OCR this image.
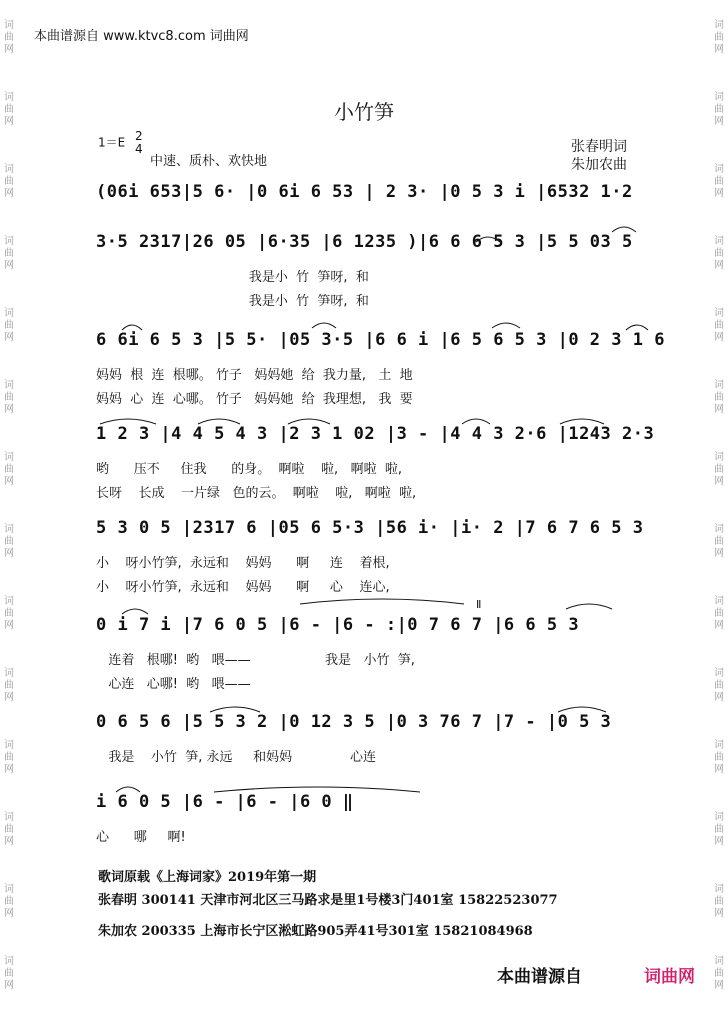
词
曲
网
词
曲
网
词
曲
网
词
曲
网
词
曲
网
词
曲
网
词
曲
网
词
曲
网
词
曲
网
词
曲
网
词
曲
网
词
曲
网
词
曲
网
词
曲
网
词
曲
网
词
曲
网
词
曲
网
词
曲
网
词
曲
网
词
曲
网
词
曲
网
词
曲
网
词
曲
网
词
曲
网
词
曲
网
词
曲
网
词
曲
网
词
曲
网
本曲谱源自 www.ktvc8.com 词曲网
小竹笋
1＝E 2
4
中速、质朴、欢快地
张春明词
朱加农曲
(06i 653|5 6· |0 6i 6 53 | 2 3· |0 5 3 i |6532 1·2
3·5 2317|26 05 |6·35 |6 1235 )|6 6 6 5 3 |5 5 03 5
我是小  竹  笋呀,  和
我是小  竹  笋呀,  和
6 6i 6 5 3 |5 5· |05 3·5 |6 6 i |6 5 6 5 3 |0 2 3 1 6
妈妈  根  连  根哪。 竹子   妈妈她  给  我力量,   土  地
妈妈  心  连  心哪。 竹子   妈妈她  给  我理想,   我  要
1 2 3 |4 4 5 4 3 |2 3 1 02 |3 - |4 4 3 2·6 |1243 2·3
哟      压不     住我      的身。  啊啦    啦,   啊啦  啦,
长呀    长成    一片绿   色的云。  啊啦    啦,   啊啦  啦,
5 3 0 5 |2317 6 |05 6 5·3 |56 i· |i· 2 |7 6 7 6 5 3
小    呀小竹笋,  永远和    妈妈      啊     连    着根,
小    呀小竹笋,  永远和    妈妈      啊     心    连心,
0 i 7 i |7 6 0 5 |6 - |6 - :|0 7 6 7 |6 6 5 3
连着   根哪!  哟   喂——                  我是   小竹  笋,
心连   心哪!  哟   喂——
0 6 5 6 |5 5 3 2 |0 12 3 5 |0 3 76 7 |7 - |0 5 3
我是    小竹  笋, 永远     和妈妈              心连
i 6 0 5 |6 - |6 - |6 0 ‖
心      哪     啊!
Ⅱ
歌词原载《上海词家》2019年第一期
张春明 300141 天津市河北区三马路求是里1号楼3门401室 15822523077
朱加农 200335 上海市长宁区淞虹路905弄41号301室 15821084968
本曲谱源自	词曲网
